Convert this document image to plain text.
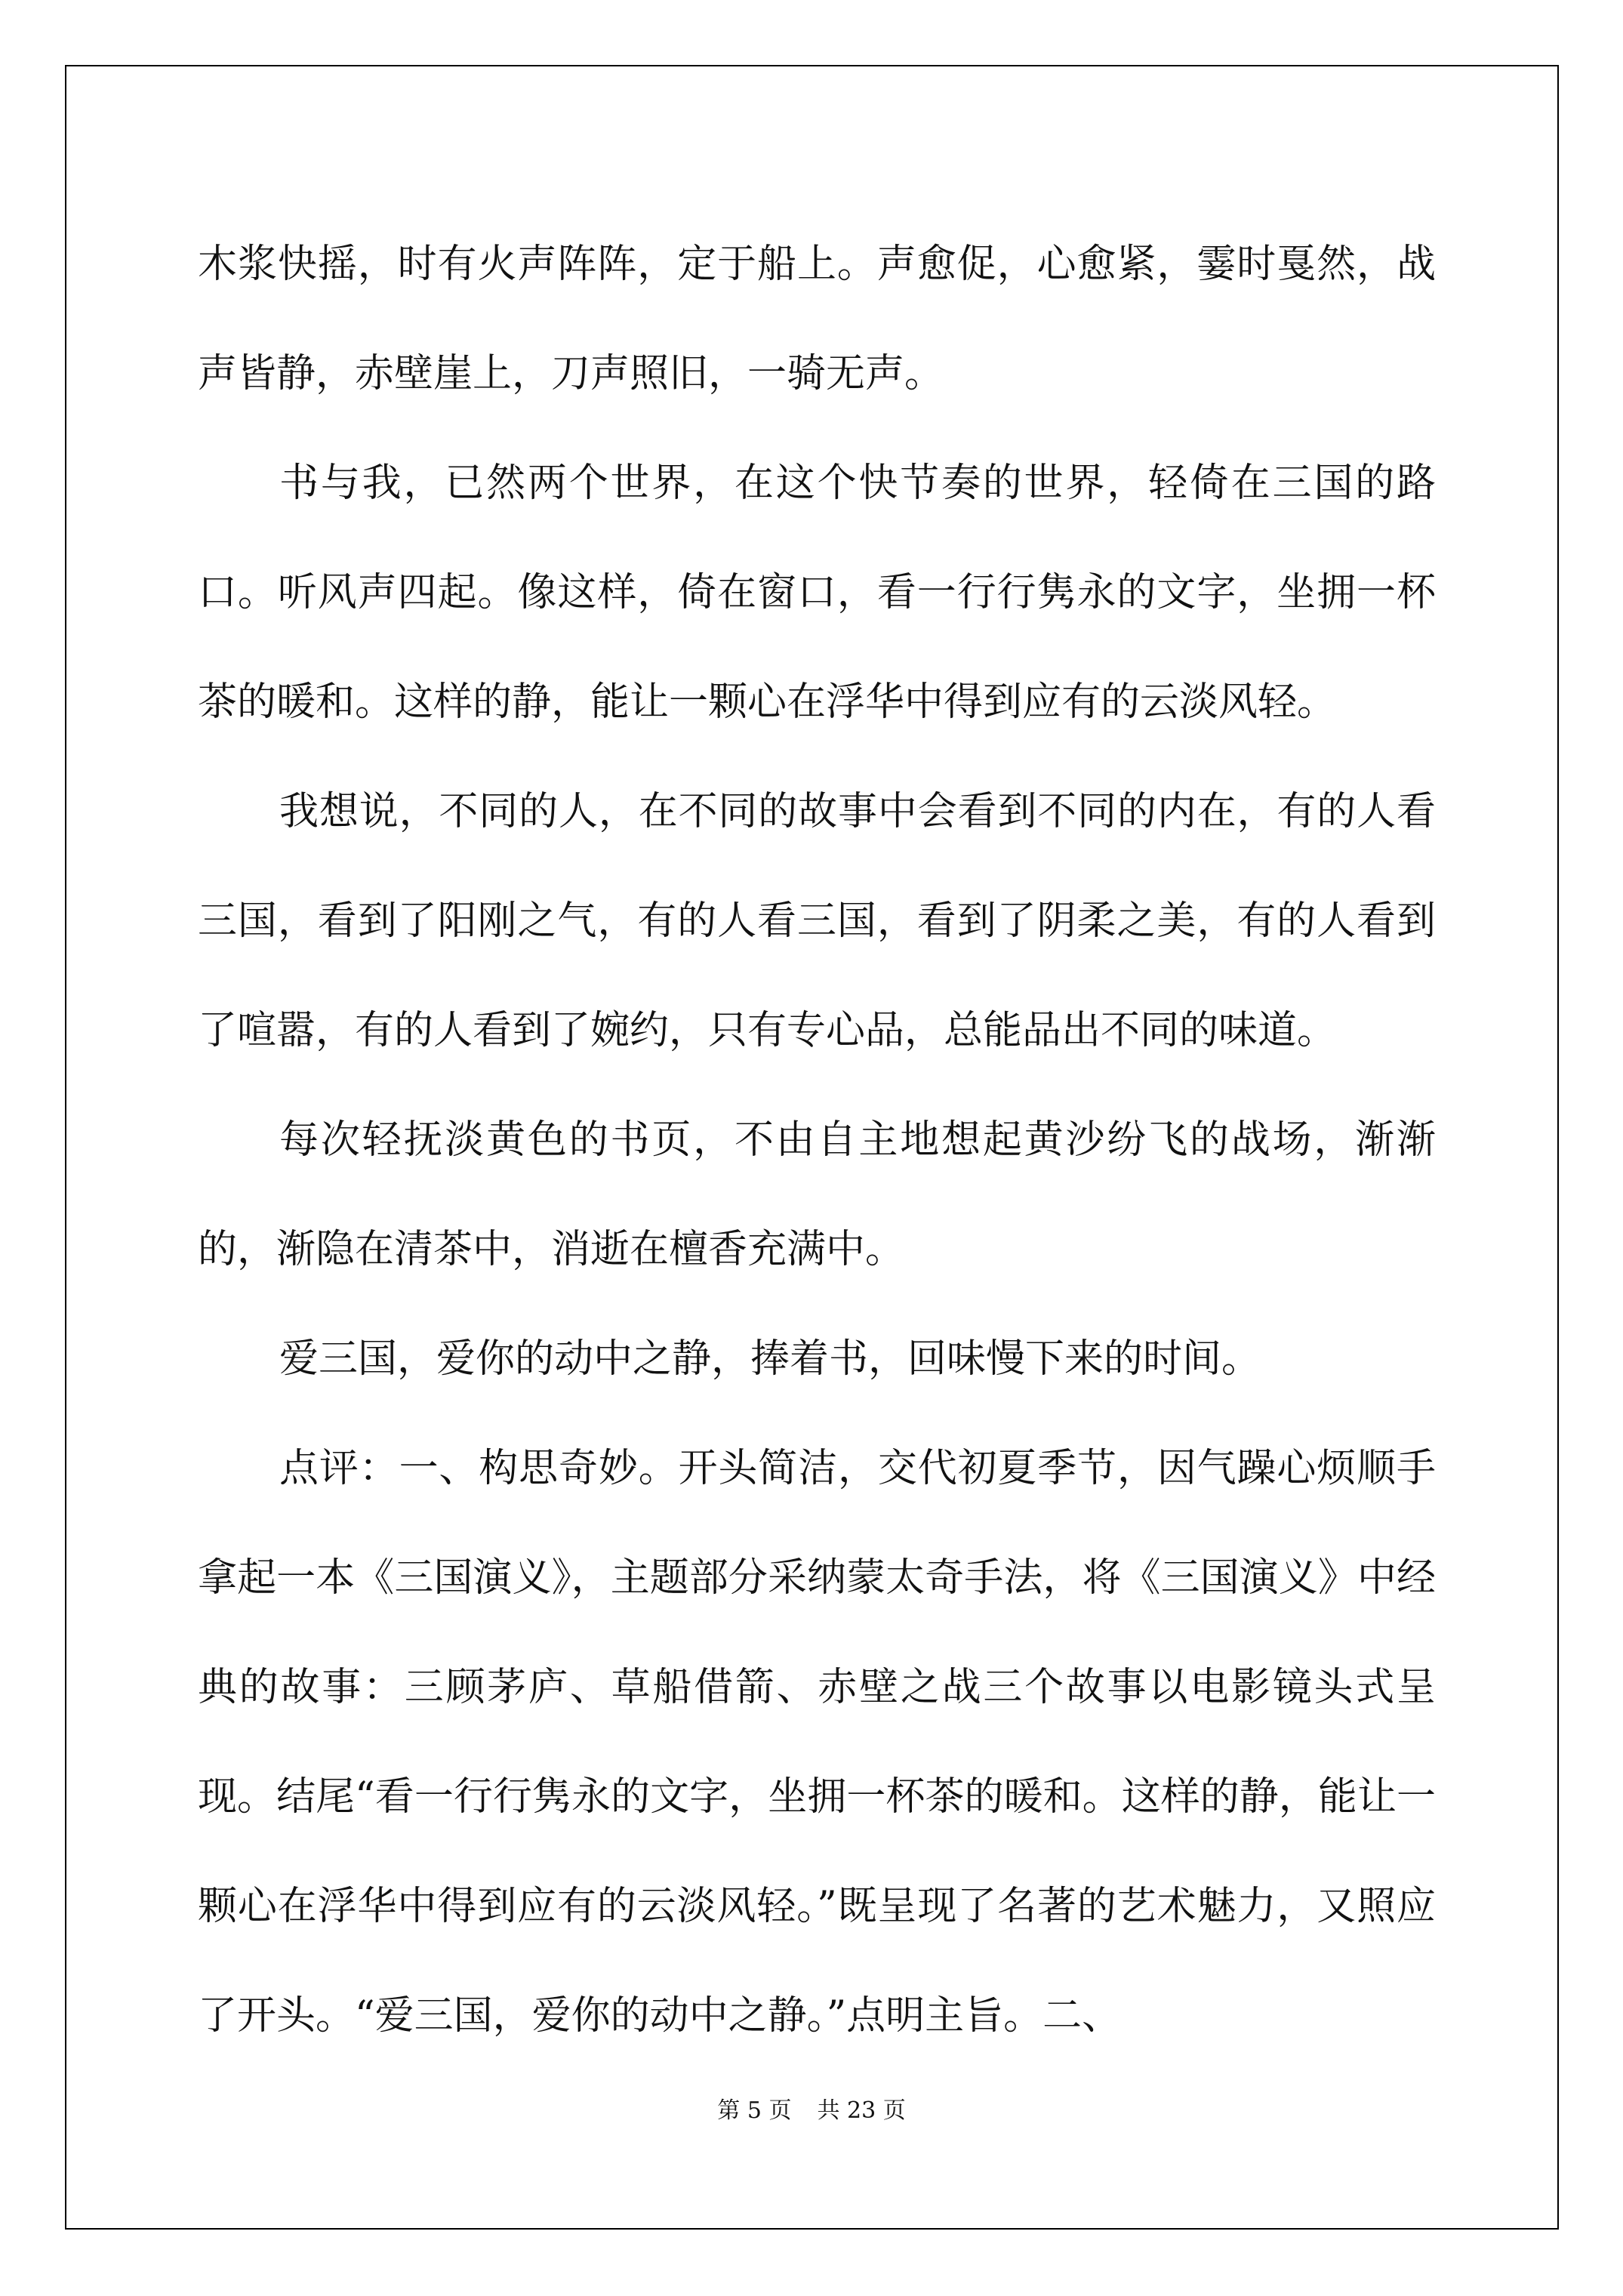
木浆快摇，时有火声阵阵，定于船上。声愈促，心愈紧，霎时戛然，战声皆静，赤壁崖上，刀声照旧，一骑无声。

书与我，已然两个世界，在这个快节奏的世界，轻倚在三国的路口。听风声四起。像这样，倚在窗口，看一行行隽永的文字，坐拥一杯茶的暖和。这样的静，能让一颗心在浮华中得到应有的云淡风轻。

我想说，不同的人，在不同的故事中会看到不同的内在，有的人看三国，看到了阳刚之气，有的人看三国，看到了阴柔之美，有的人看到了喧嚣，有的人看到了婉约，只有专心品，总能品出不同的味道。

每次轻抚淡黄色的书页，不由自主地想起黄沙纷飞的战场，渐渐的，渐隐在清茶中，消逝在檀香充满中。

爱三国，爱你的动中之静，捧着书，回味慢下来的时间。

点评：一、构思奇妙。开头简洁，交代初夏季节，因气躁心烦顺手拿起一本《三国演义》，主题部分采纳蒙太奇手法，将《三国演义》中经典的故事：三顾茅庐、草船借箭、赤壁之战三个故事以电影镜头式呈现。结尾“看一行行隽永的文字，坐拥一杯茶的暖和。这样的静，能让一颗心在浮华中得到应有的云淡风轻。”既呈现了名著的艺术魅力，又照应了开头。“爱三国，爱你的动中之静。”点明主旨。二、

第 5 页 共 23 页
